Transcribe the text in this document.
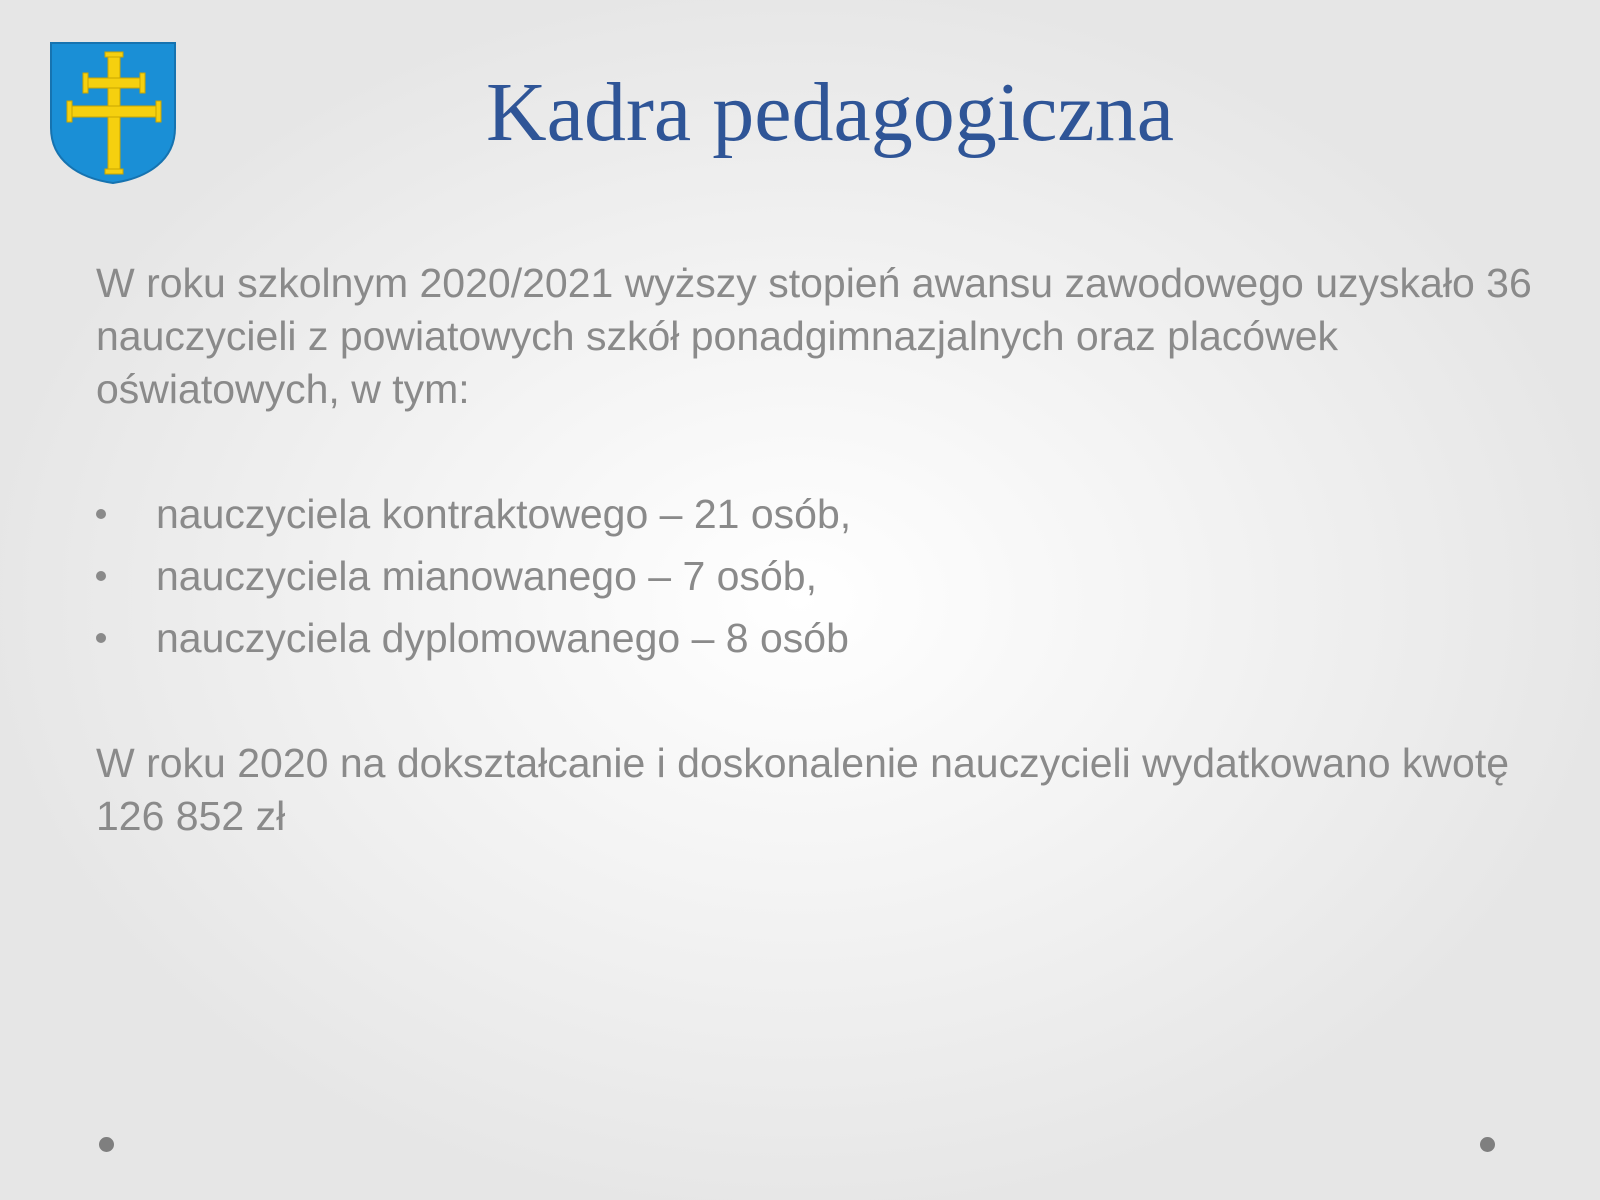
Kadra pedagogiczna

W roku szkolnym 2020/2021 wyższy stopień awansu zawodowego uzyskało 36 nauczycieli z powiatowych szkół ponadgimnazjalnych oraz placówek oświatowych, w tym:

nauczyciela kontraktowego – 21 osób,
nauczyciela mianowanego – 7 osób,
nauczyciela dyplomowanego – 8 osób

W roku 2020 na dokształcanie i doskonalenie nauczycieli wydatkowano kwotę 126 852 zł
